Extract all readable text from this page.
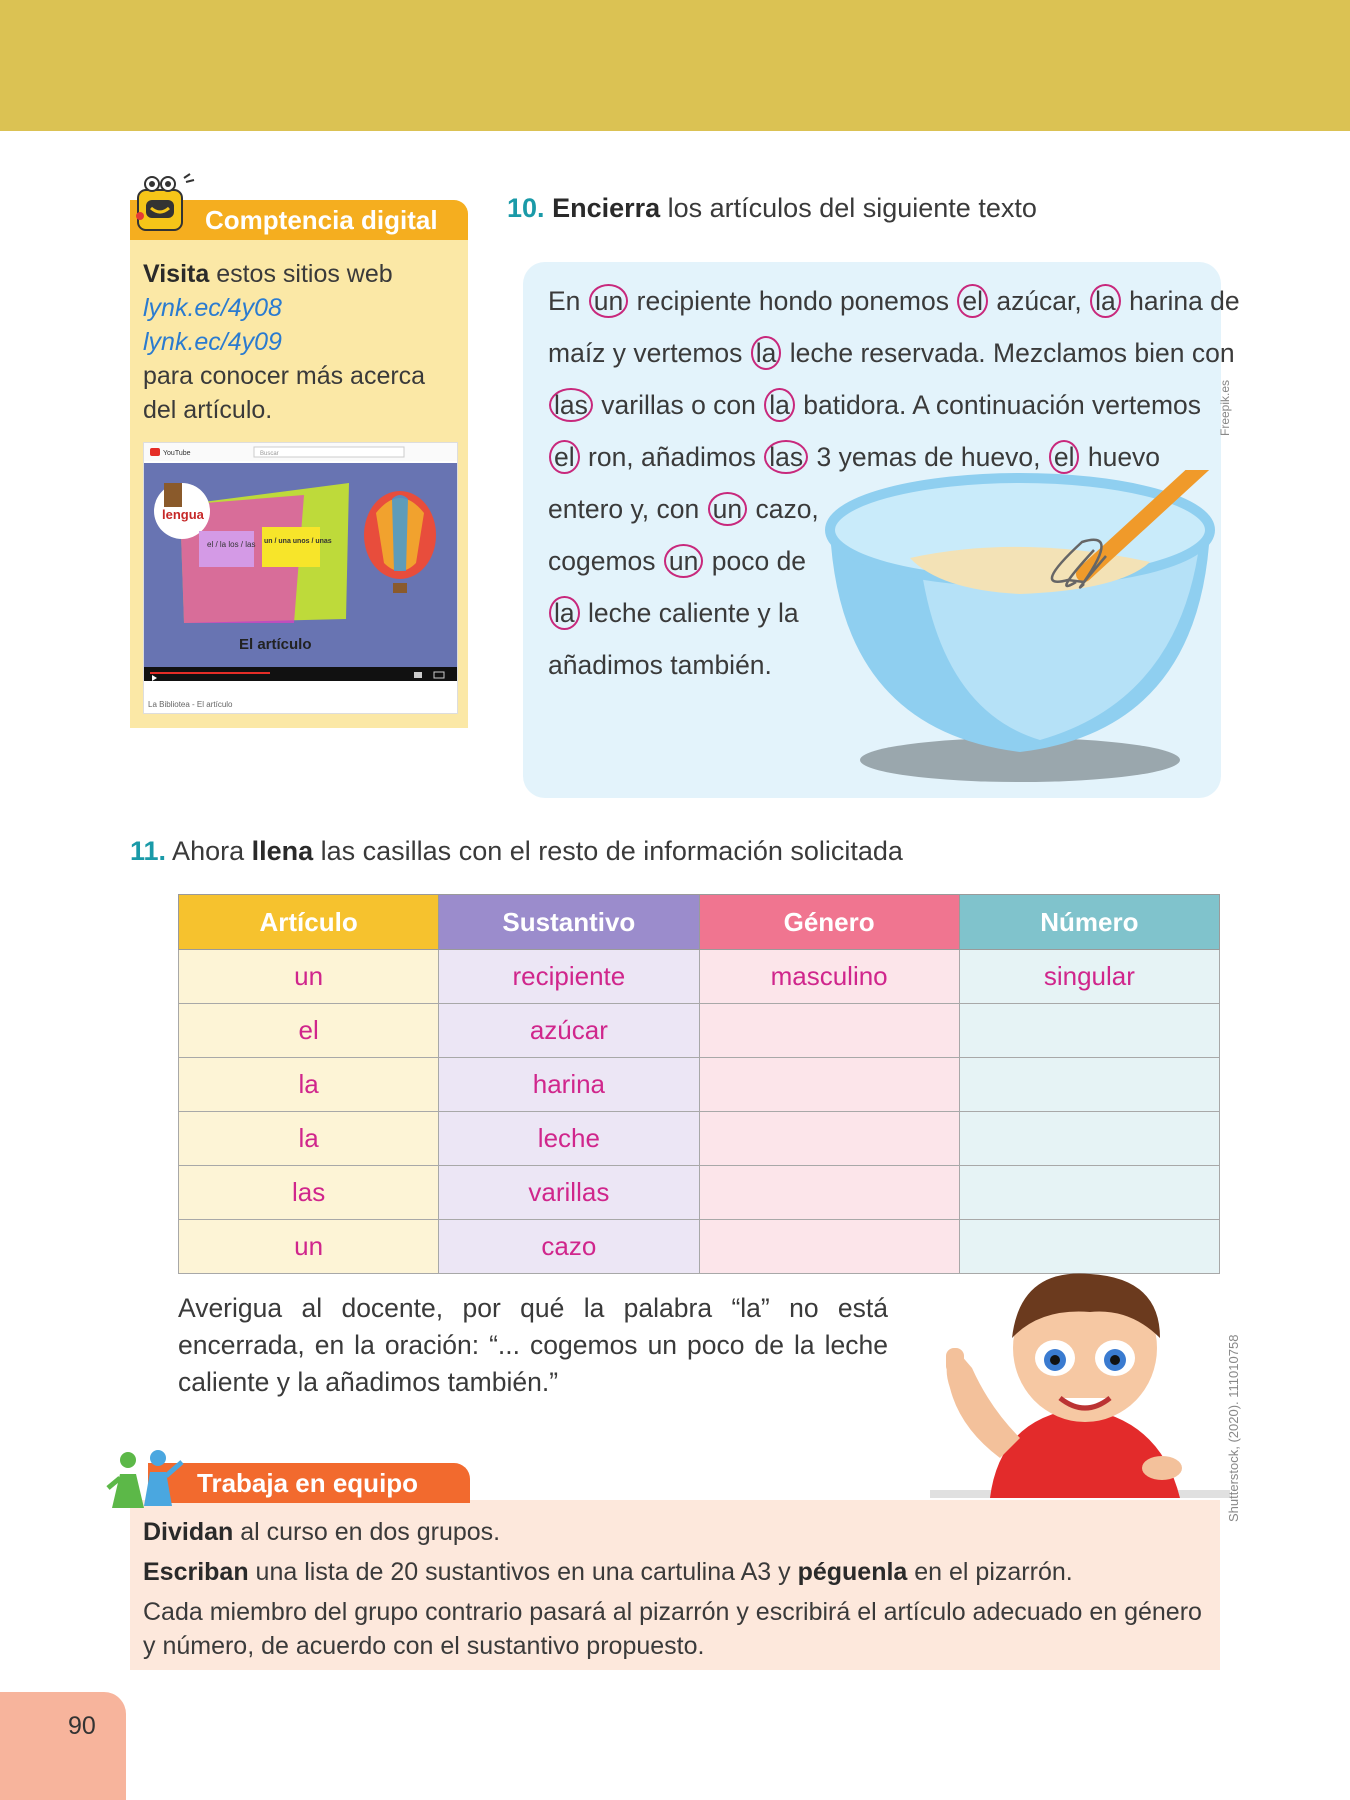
Comptencia digital
Visita estos sitios web
lynk.ec/4y08
lynk.ec/4y09
para conocer más acerca del artículo.
YouTube	Buscar
lengua
el / la los / las un / una unos / unas
El artículo
La Bibliotea - El artículo
10. Encierra los artículos del siguiente texto
En un recipiente hondo ponemos el azúcar, la harina de
maíz y vertemos la leche reservada. Mezclamos bien con
las varillas o con la batidora. A continuación vertemos
el ron, añadimos las 3 yemas de huevo, el huevo
entero y, con un cazo,
cogemos un poco de
la leche caliente y la
añadimos también.
Freepik.es
11. Ahora llena las casillas con el resto de información solicitada
Artículo	Sustantivo	Género	Número
un	recipiente	masculino	singular
el	azúcar		
la	harina		
la	leche		
las	varillas		
un	cazo		
Averigua al docente, por qué la palabra “la” no está encerrada, en la oración: “... cogemos un poco de la leche caliente y la añadimos también.”	Shutterstock, (2020). 111010758
Trabaja en equipo

Dividan al curso en dos grupos.

Escriban una lista de 20 sustantivos en una cartulina A3 y péguenla en el pizarrón.

Cada miembro del grupo contrario pasará al pizarrón y escribirá el artículo adecuado en género y número, de acuerdo con el sustantivo propuesto.

90
